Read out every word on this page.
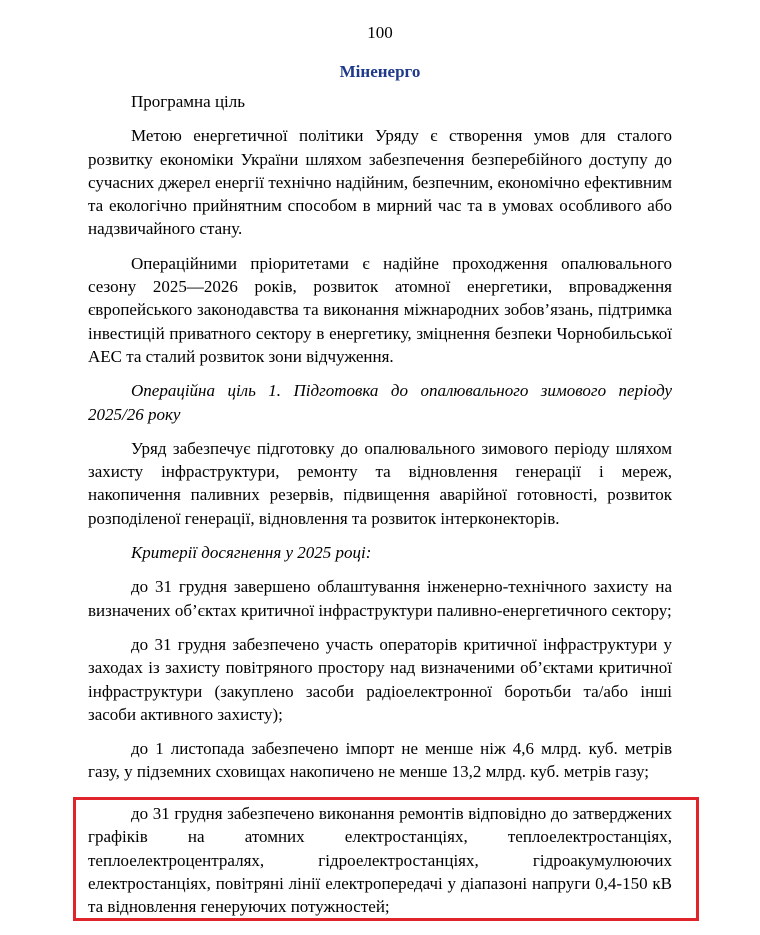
100
Міненерго

Програмна ціль

Метою енергетичної політики Уряду є створення умов для сталого розвитку економіки України шляхом забезпечення безперебійного доступу до сучасних джерел енергії технічно надійним, безпечним, економічно ефективним та екологічно прийнятним способом в мирний час та в умовах особливого або надзвичайного стану.

Операційними пріоритетами є надійне проходження опалювального сезону 2025—2026 років, розвиток атомної енергетики, впровадження європейського законодавства та виконання міжнародних зобов’язань, підтримка інвестицій приватного сектору в енергетику, зміцнення безпеки Чорнобильської АЕС та сталий розвиток зони відчуження.

Операційна ціль 1. Підготовка до опалювального зимового періоду 2025/26 року

Уряд забезпечує підготовку до опалювального зимового періоду шляхом захисту інфраструктури, ремонту та відновлення генерації і мереж, накопичення паливних резервів, підвищення аварійної готовності, розвиток розподіленої генерації, відновлення та розвиток інтерконекторів.

Критерії досягнення у 2025 році:

до 31 грудня завершено облаштування інженерно-технічного захисту на визначених об’єктах критичної інфраструктури паливно-енергетичного сектору;

до 31 грудня забезпечено участь операторів критичної інфраструктури у заходах із захисту повітряного простору над визначеними об’єктами критичної інфраструктури (закуплено засоби радіоелектронної боротьби та/або інші засоби активного захисту);

до 1 листопада забезпечено імпорт не менше ніж 4,6 млрд. куб. метрів газу, у підземних сховищах накопичено не менше 13,2 млрд. куб. метрів газу;

до 31 грудня забезпечено виконання ремонтів відповідно до затверджених графіків на атомних електростанціях, теплоелектростанціях, теплоелектроцентралях, гідроелектростанціях, гідроакумулюючих електростанціях, повітряні лінії електропередачі у діапазоні напруги 0,4-150 кВ та відновлення генеруючих потужностей;
